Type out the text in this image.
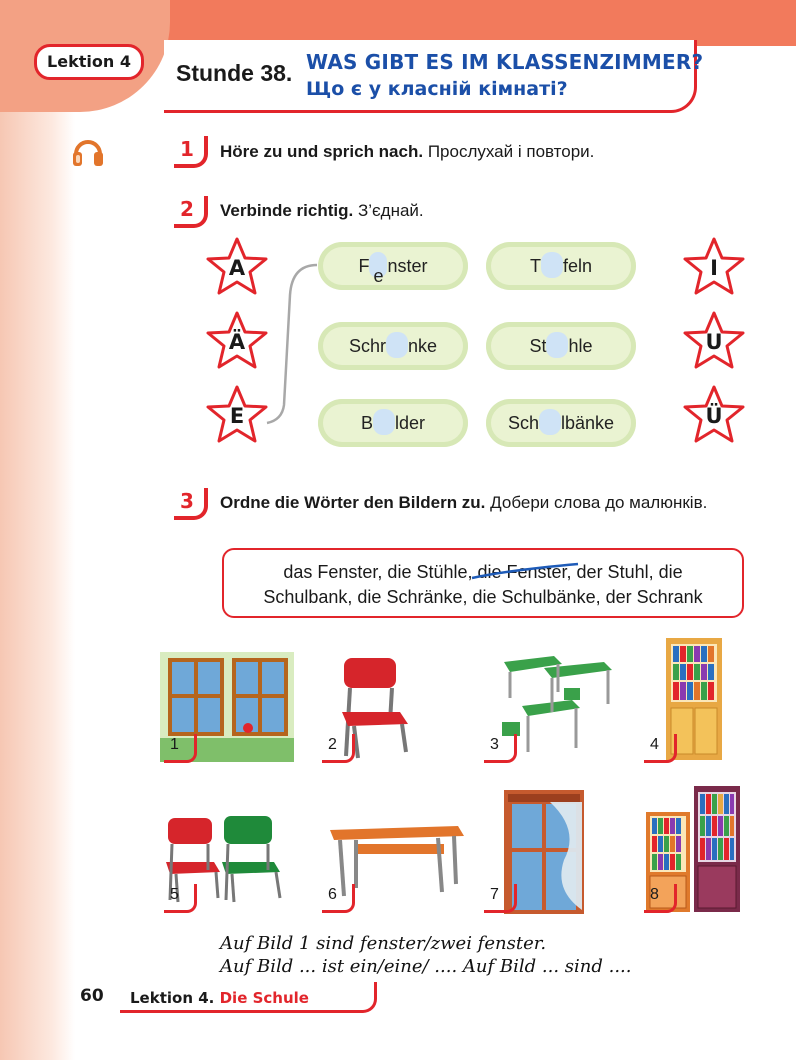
Lektion 4	Stunde 38. WAS GIBT ES IM KLASSENZIMMER?
Що є у класній кімнаті?
1 Höre zu und sprich nach. Прослухай і повтори.
2 Verbinde richtig. З’єднай.
A
Ä
E
I
U
Ü
Fenster	T feln
Schr nke	St hle
B lder	Sch lbänke
3 Ordne die Wörter den Bildern zu. Добери слова до малюнків.
das Fenster, die Stühle, die Fenster, der Stuhl, die
Schulbank, die Schränke, die Schulbänke, der Schrank
1	2	3	4
5	6	7	8
Auf Bild 1 sind fenster/zwei fenster.
Auf Bild ... ist ein/eine/ .... Auf Bild ... sind ....
60 Lektion 4. Die Schule
